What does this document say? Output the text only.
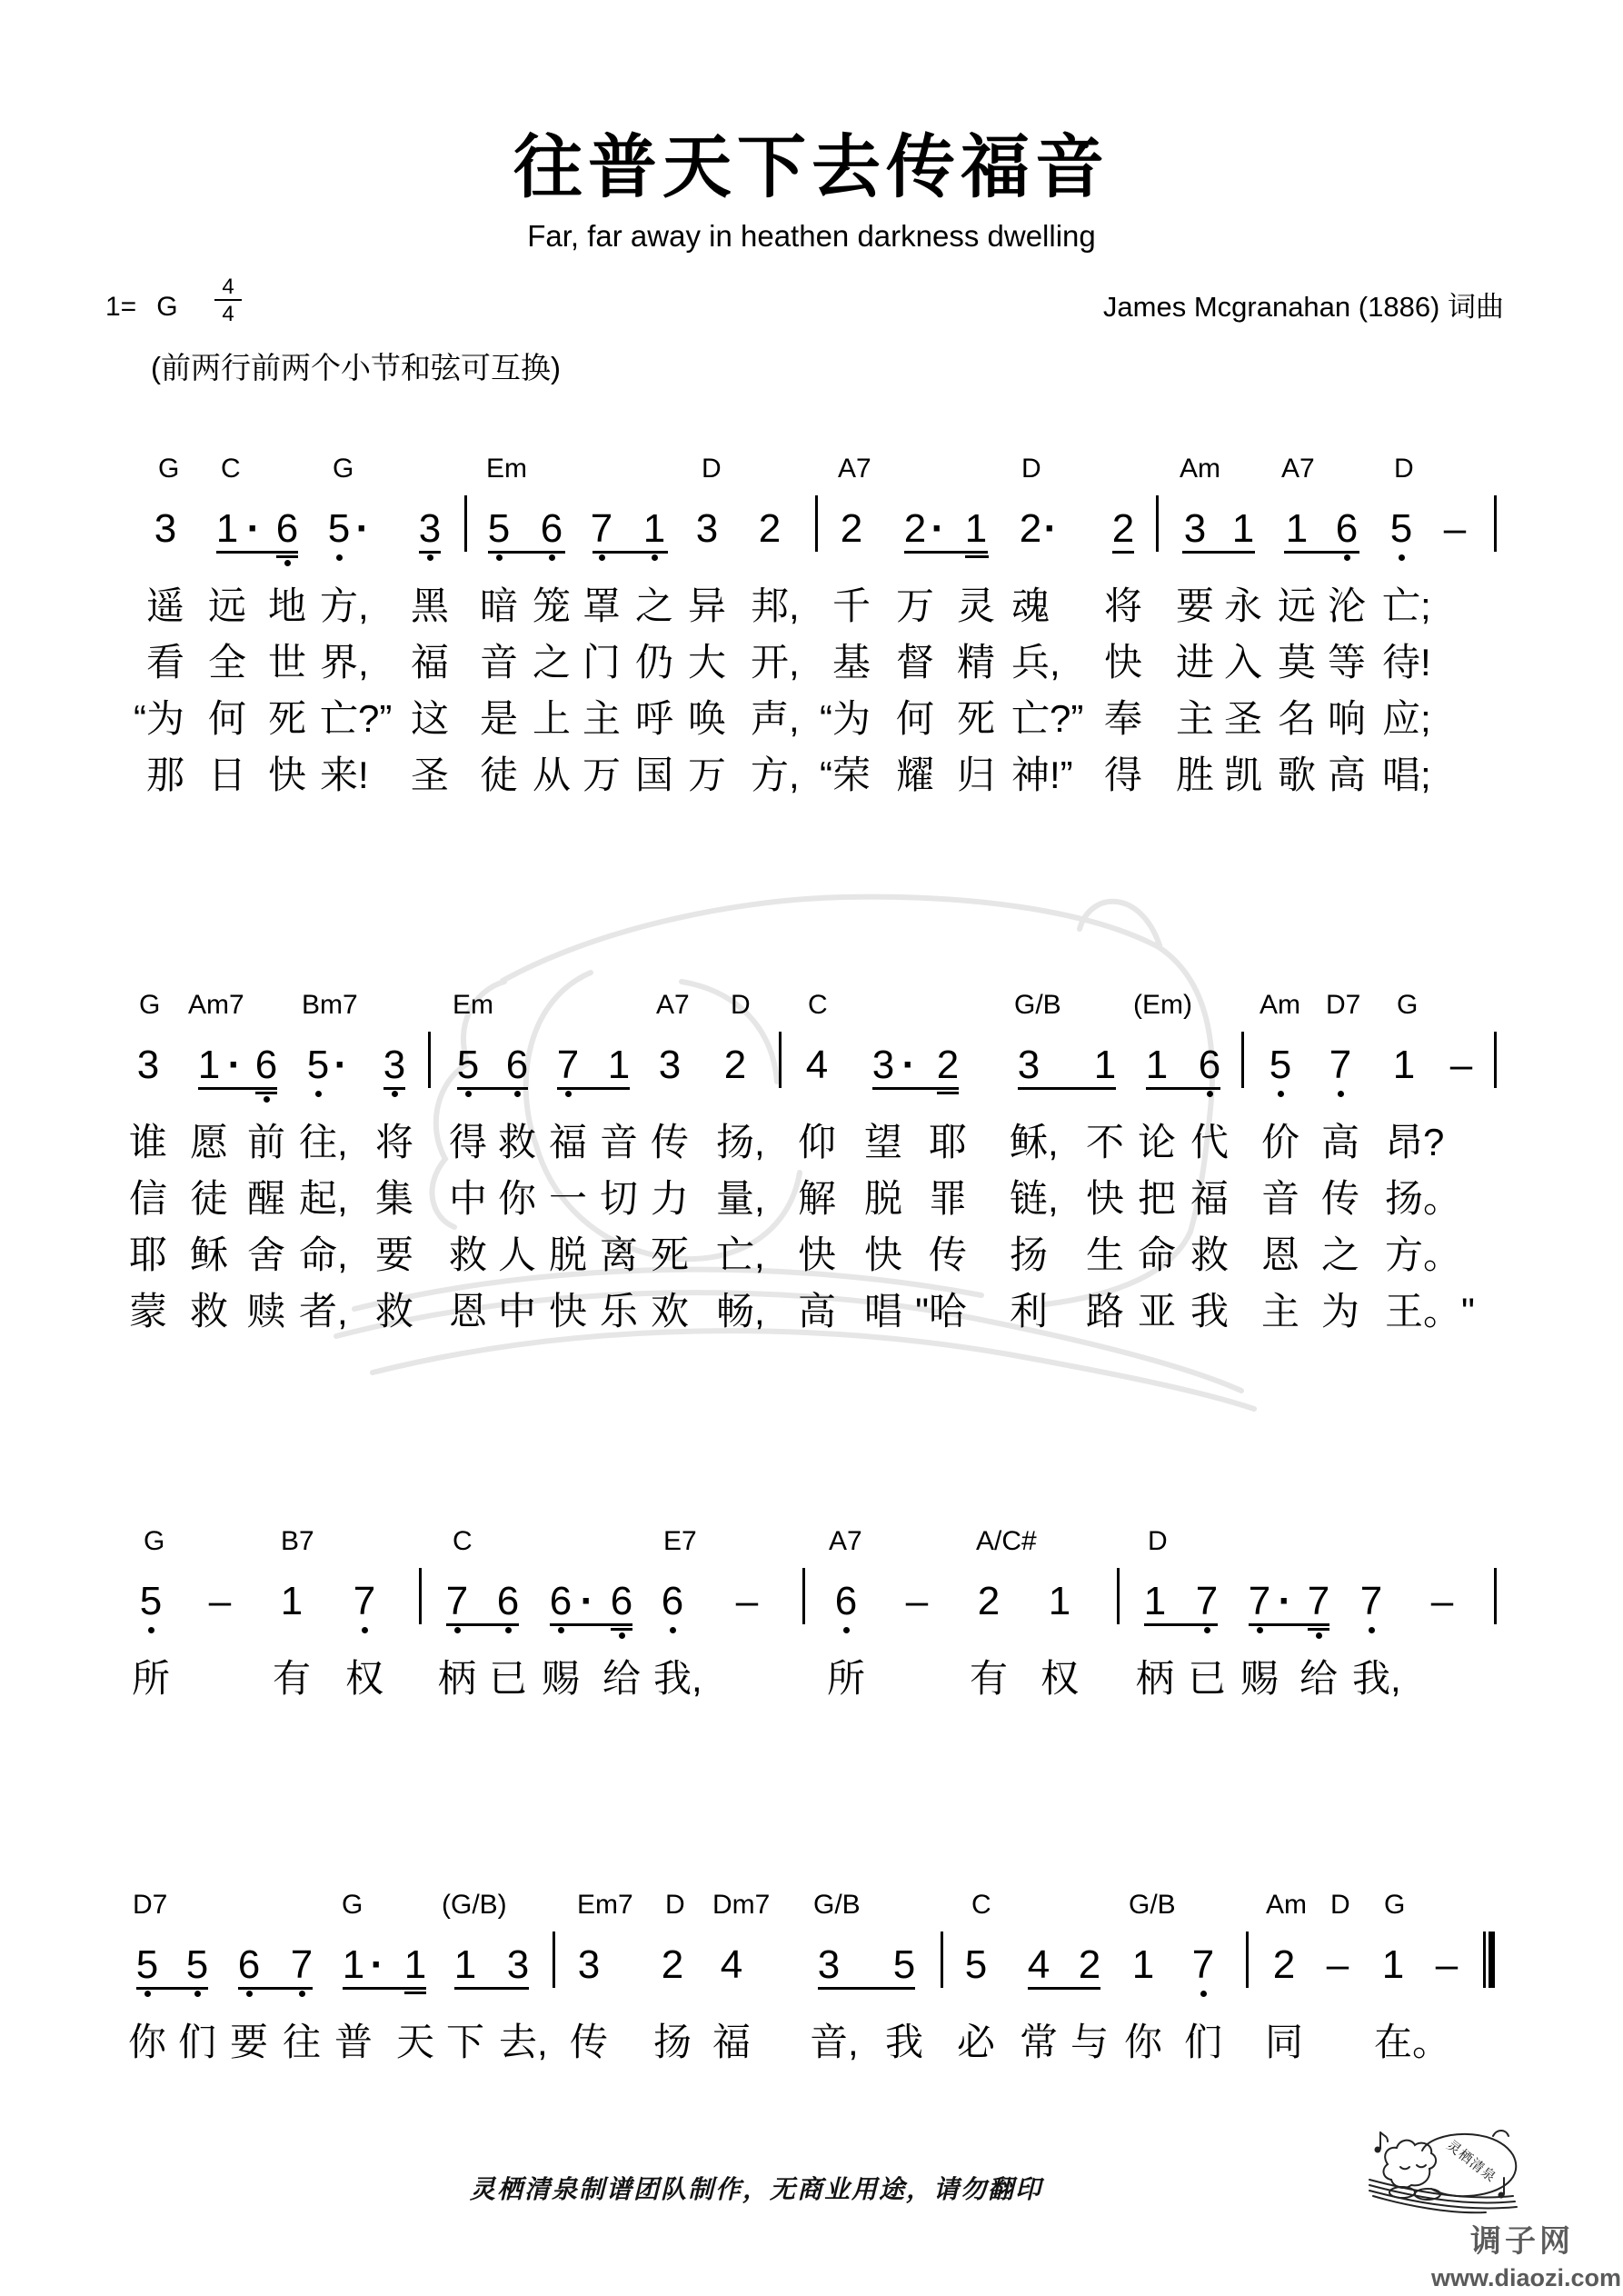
往普天下去传福音
Far, far away in heathen darkness dwelling
1= G $\frac{4}{4}$	James Mcgranahan (1886) 词曲
(前两行前两个小节和弦可互换)
G C	G	Em	D	A7	D	Am A7	D
3 1 · 6 5 · 3 5 6 7 1 3 2 2 2 · 1 2 · 2 3 1 1 6 5 –
遥 远 地 方 , 黑 暗 笼 罩 之 异 邦 , 千 万 灵 魂 将 要 永 远 沦 亡 ;
看 全 世 界 , 福 音 之 门 仍 大 开 , 基 督 精 兵 , 快 进 入 莫 等 待 !
“ 为 何 死 亡 ?” 这 是 上 主 呼 唤 声 , “ 为 何 死 亡 ?” 奉 主 圣 名 响 应 ;
那 日 快 来 ! 圣 徒 从 万 国 万 方 , “ 荣 耀 归 神 !” 得 胜 凯 歌 高 唱 ;
G Am7 Bm7	Em	A7 D C	G/B	(Em) Am D7 G
3 1 · 6 5 · 3 5 6 7 1 3 2 4 3 · 2 3 1 1 6 5 7 1 –
谁 愿 前 往 , 将 得 救 福 音 传 扬 , 仰 望 耶 稣 , 不 论 代 价 高 昂 ?
信 徒 醒 起 , 集 中 你 一 切 力 量 , 解 脱 罪 链 , 快 把 福 音 传 扬 。
耶 稣 舍 命 , 要 救 人 脱 离 死 亡 , 快 快 传 扬 生 命 救 恩 之 方 。
蒙 救 赎 者 , 救 恩 中 快 乐 欢 畅 , 高 唱 " 哈 利 路 亚 我 主 为 王 。"
G	B7	C	E7	A7	A/C#	D
5 – 1 7 7 6 6 · 6 6 – 6 – 2 1 1 7 7 · 7 7 –
所	有 权 柄 已 赐 给 我 ,	所	有 权 柄 已 赐 给 我 ,
D7	G	(G/B)	Em7 D Dm7 G/B	C	G/B	Am D G
5 5 6 7 1 · 1 1 3 3 2 4 3 5 5 4 2 1 7 2 – 1 –
你 们 要 往 普 天 下 去 , 传 扬 福 音 , 我 必 常 与 你 们 同 在 。
灵栖清泉制谱团队制作，无商业用途，请勿翻印
灵栖清泉
调子网
www.diaozi.com
